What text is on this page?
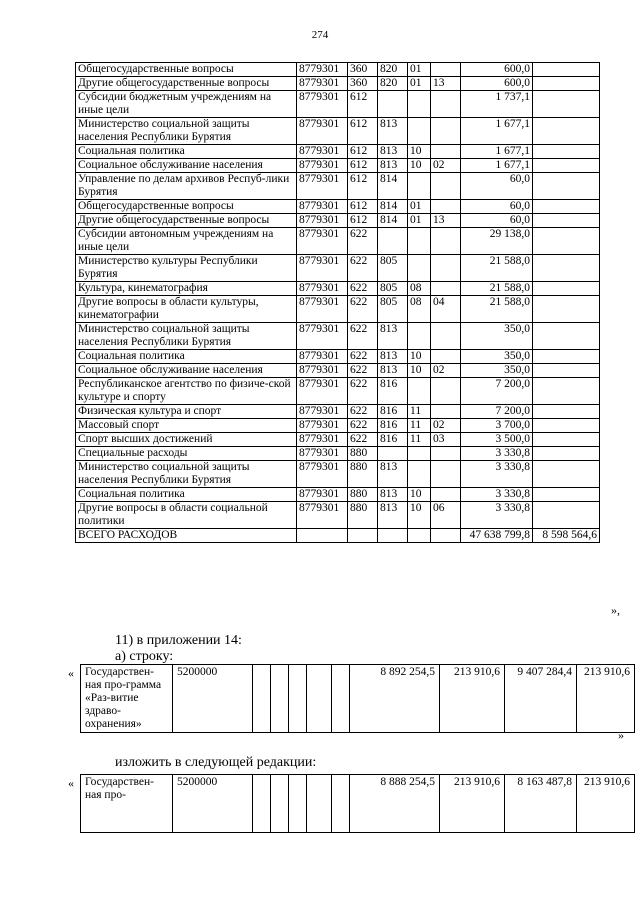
274
Общегосударственные вопросы	8779301	360	820	01		600,0	
Другие общегосударственные вопросы	8779301	360	820	01	13	600,0	
Субсидии бюджетным учреждениям на иные цели	8779301	612				1 737,1	
Министерство социальной защиты населения Республики Бурятия	8779301	612	813			1 677,1	
Социальная политика	8779301	612	813	10		1 677,1	
Социальное обслуживание населения	8779301	612	813	10	02	1 677,1	
Управление по делам архивов Респуб-лики Бурятия	8779301	612	814			60,0	
Общегосударственные вопросы	8779301	612	814	01		60,0	
Другие общегосударственные вопросы	8779301	612	814	01	13	60,0	
Субсидии автономным учреждениям на иные цели	8779301	622				29 138,0	
Министерство культуры Республики Бурятия	8779301	622	805			21 588,0	
Культура, кинематография	8779301	622	805	08		21 588,0	
Другие вопросы в области культуры, кинематографии	8779301	622	805	08	04	21 588,0	
Министерство социальной защиты населения Республики Бурятия	8779301	622	813			350,0	
Социальная политика	8779301	622	813	10		350,0	
Социальное обслуживание населения	8779301	622	813	10	02	350,0	
Республиканское агентство по физиче-ской культуре и спорту	8779301	622	816			7 200,0	
Физическая культура и спорт	8779301	622	816	11		7 200,0	
Массовый спорт	8779301	622	816	11	02	3 700,0	
Спорт высших достижений	8779301	622	816	11	03	3 500,0	
Специальные расходы	8779301	880				3 330,8	
Министерство социальной защиты населения Республики Бурятия	8779301	880	813			3 330,8	
Социальная политика	8779301	880	813	10		3 330,8	
Другие вопросы в области социальной политики	8779301	880	813	10	06	3 330,8	
ВСЕГО РАСХОДОВ						47 638 799,8	8 598 564,6
»,
11) в приложении 14:
а) строку:
« Государствен-ная про-грамма «Раз-витие здраво-охранения»	5200000						8 892 254,5	213 910,6	9 407 284,4	213 910,6
»
изложить в следующей редакции:
« Государствен-ная про-	5200000						8 888 254,5	213 910,6	8 163 487,8	213 910,6
